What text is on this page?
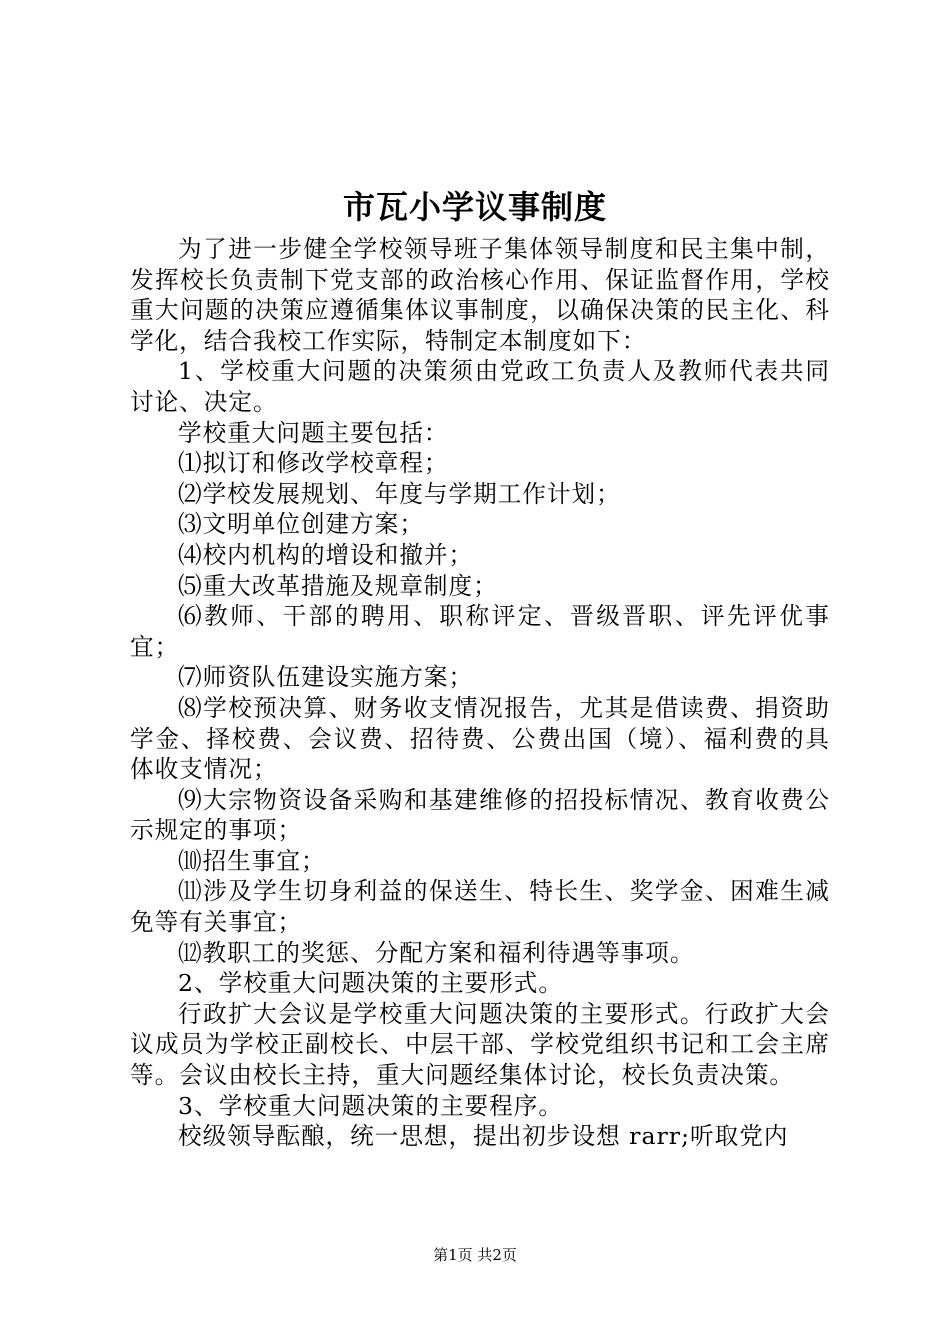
市瓦小学议事制度

为了进一步健全学校领导班子集体领导制度和民主集中制，发挥校长负责制下党支部的政治核心作用、保证监督作用，学校重大问题的决策应遵循集体议事制度，以确保决策的民主化、科学化，结合我校工作实际，特制定本制度如下：

1、学校重大问题的决策须由党政工负责人及教师代表共同讨论、决定。

学校重大问题主要包括：

⑴拟订和修改学校章程；

⑵学校发展规划、年度与学期工作计划；

⑶文明单位创建方案；

⑷校内机构的增设和撤并；

⑸重大改革措施及规章制度；

⑹教师、干部的聘用、职称评定、晋级晋职、评先评优事宜；

⑺师资队伍建设实施方案；

⑻学校预决算、财务收支情况报告，尤其是借读费、捐资助学金、择校费、会议费、招待费、公费出国（境）、福利费的具体收支情况；

⑼大宗物资设备采购和基建维修的招投标情况、教育收费公示规定的事项；

⑽招生事宜；

⑾涉及学生切身利益的保送生、特长生、奖学金、困难生减免等有关事宜；

⑿教职工的奖惩、分配方案和福利待遇等事项。

2、学校重大问题决策的主要形式。

行政扩大会议是学校重大问题决策的主要形式。行政扩大会议成员为学校正副校长、中层干部、学校党组织书记和工会主席等。会议由校长主持，重大问题经集体讨论，校长负责决策。

3、学校重大问题决策的主要程序。

校级领导酝酿，统一思想，提出初步设想 rarr;听取党内

第1页 共2页
